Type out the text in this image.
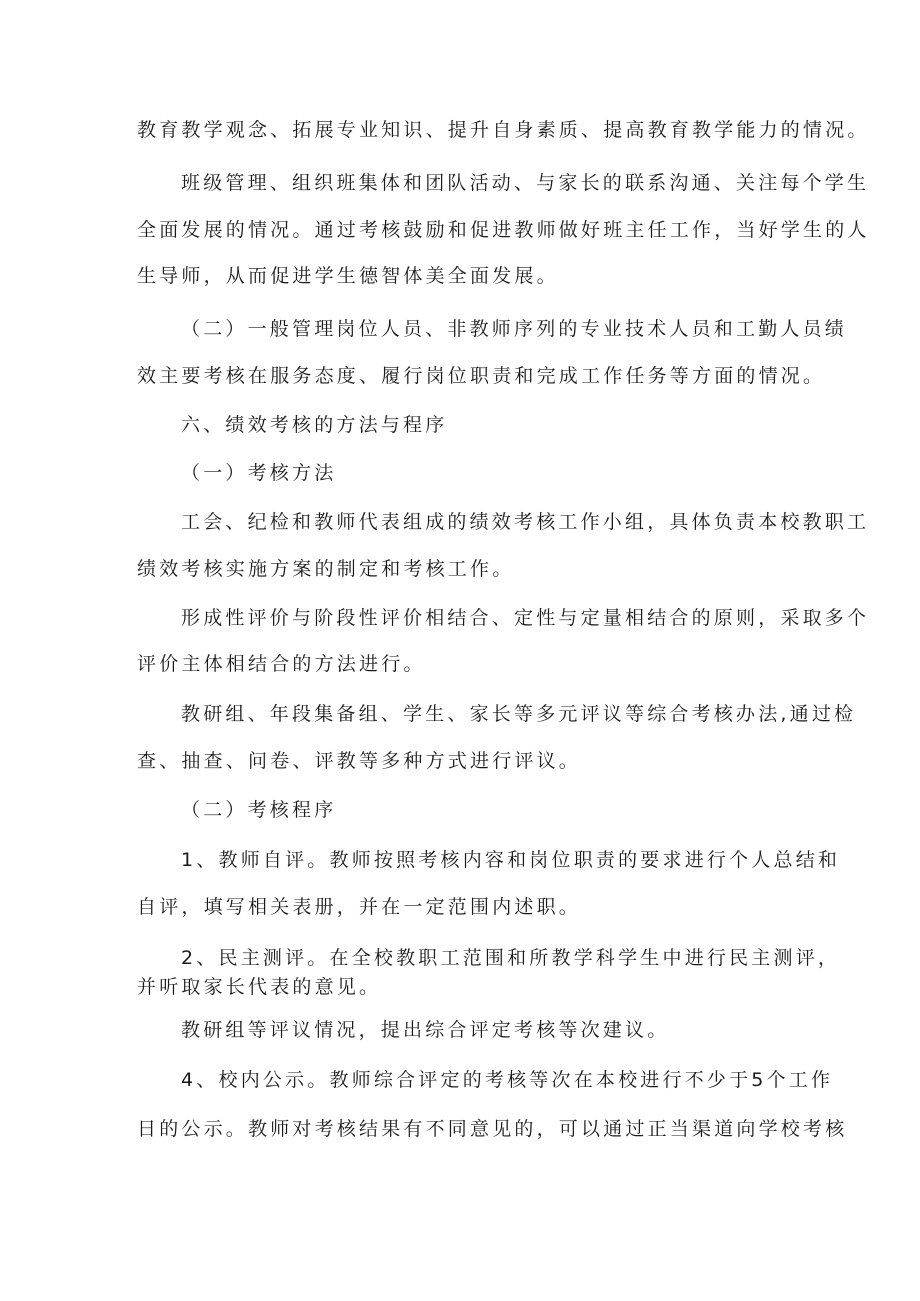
教育教学观念、拓展专业知识、提升自身素质、提高教育教学能力的情况。
班级管理、组织班集体和团队活动、与家长的联系沟通、关注每个学生
全面发展的情况。通过考核鼓励和促进教师做好班主任工作，当好学生的人
生导师，从而促进学生德智体美全面发展。
（二）一般管理岗位人员、非教师序列的专业技术人员和工勤人员绩
效主要考核在服务态度、履行岗位职责和完成工作任务等方面的情况。
六、绩效考核的方法与程序
（一）考核方法
工会、纪检和教师代表组成的绩效考核工作小组，具体负责本校教职工
绩效考核实施方案的制定和考核工作。
形成性评价与阶段性评价相结合、定性与定量相结合的原则，采取多个
评价主体相结合的方法进行。
教研组、年段集备组、学生、家长等多元评议等综合考核办法,通过检
查、抽查、问卷、评教等多种方式进行评议。
（二）考核程序
1、教师自评。教师按照考核内容和岗位职责的要求进行个人总结和
自评，填写相关表册，并在一定范围内述职。
2、民主测评。在全校教职工范围和所教学科学生中进行民主测评，
并听取家长代表的意见。
教研组等评议情况，提出综合评定考核等次建议。
4、校内公示。教师综合评定的考核等次在本校进行不少于5个工作
日的公示。教师对考核结果有不同意见的，可以通过正当渠道向学校考核
